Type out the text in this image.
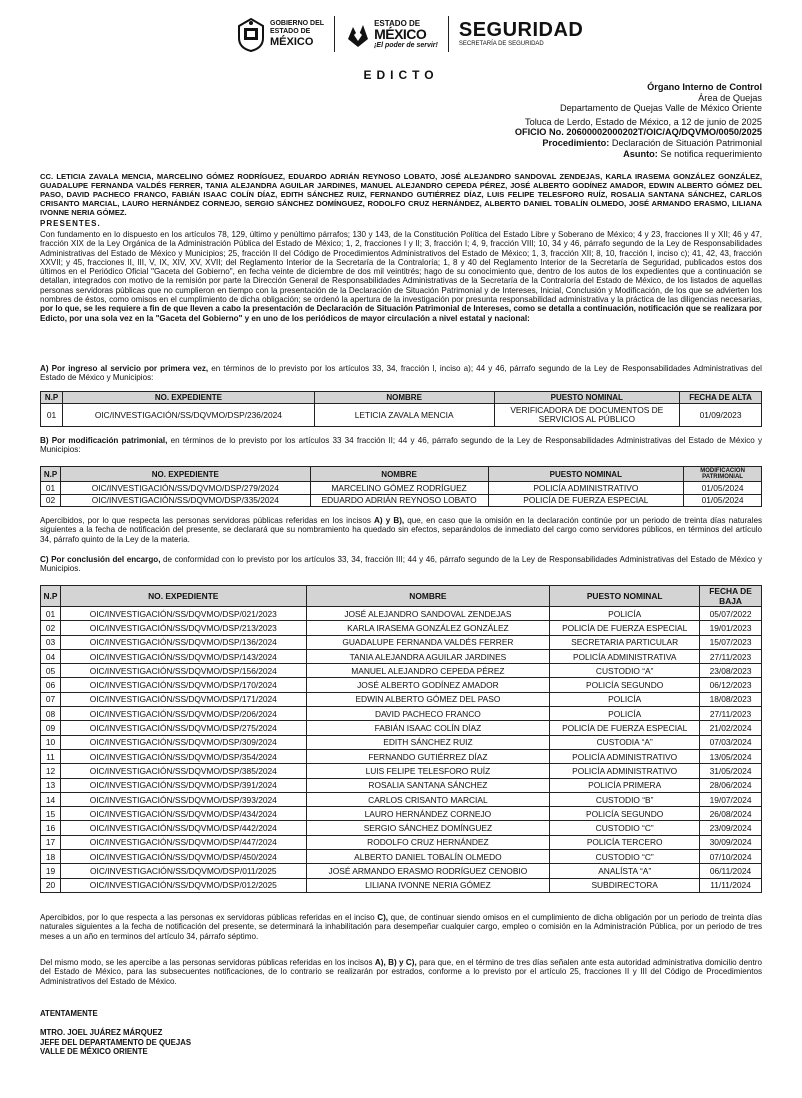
GOBIERNO DEL
ESTADO DE
MÉXICO
ESTADO DE
MÉXICO
¡El poder de servir!
SEGURIDAD
SECRETARÍA DE SEGURIDAD
EDICTO
Órgano Interno de Control
Área de Quejas
Departamento de Quejas Valle de México Oriente
Toluca de Lerdo, Estado de México, a 12 de junio de 2025
OFICIO No. 20600002000202T/OIC/AQ/DQVMO/0050/2025
Procedimiento: Declaración de Situación Patrimonial
Asunto: Se notifica requerimiento
CC. LETICIA ZAVALA MENCIA, MARCELINO GÓMEZ RODRÍGUEZ, EDUARDO ADRIÁN REYNOSO LOBATO, JOSÉ ALEJANDRO SANDOVAL ZENDEJAS, KARLA IRASEMA GONZÁLEZ GONZÁLEZ, GUADALUPE FERNANDA VALDÉS FERRER, TANIA ALEJANDRA AGUILAR JARDINES, MANUEL ALEJANDRO CEPEDA PÉREZ, JOSÉ ALBERTO GODÍNEZ AMADOR, EDWIN ALBERTO GÓMEZ DEL PASO, DAVID PACHECO FRANCO, FABIÁN ISAAC COLÍN DÍAZ, EDITH SÁNCHEZ RUIZ, FERNANDO GUTIÉRREZ DÍAZ, LUIS FELIPE TELESFORO RUÍZ, ROSALIA SANTANA SÁNCHEZ, CARLOS CRISANTO MARCIAL, LAURO HERNÁNDEZ CORNEJO, SERGIO SÁNCHEZ DOMÍNGUEZ, RODOLFO CRUZ HERNÁNDEZ, ALBERTO DANIEL TOBALÍN OLMEDO, JOSÉ ARMANDO ERASMO, LILIANA IVONNE NERIA GÓMEZ.
PRESENTES.
Con fundamento en lo dispuesto en los artículos 78, 129, último y penúltimo párrafos; 130 y 143, de la Constitución Política del Estado Libre y Soberano de México; 4 y 23, fracciones II y XII; 46 y 47, fracción XIX de la Ley Orgánica de la Administración Pública del Estado de México; 1, 2, fracciones I y II; 3, fracción I; 4, 9, fracción VIII; 10, 34 y 46, párrafo segundo de la Ley de Responsabilidades Administrativas del Estado de México y Municipios; 25, fracción II del Código de Procedimientos Administrativos del Estado de México; 1, 3, fracción XII; 8, 10, fracción I, inciso c); 41, 42, 43, fracción XXVII; y 45, fracciones II, III, V, IX, XIV, XV, XVII; del Reglamento Interior de la Secretaría de la Contraloría; 1, 8 y 40 del Reglamento Interior de la Secretaría de Seguridad, publicados estos dos últimos en el Periódico Oficial "Gaceta del Gobierno", en fecha veinte de diciembre de dos mil veintitrés; hago de su conocimiento que, dentro de los autos de los expedientes que a continuación se detallan, integrados con motivo de la remisión por parte la Dirección General de Responsabilidades Administrativas de la Secretaría de la Contraloría del Estado de México, de los listados de aquellas personas servidoras públicas que no cumplieron en tiempo con la presentación de la Declaración de Situación Patrimonial y de Intereses, Inicial, Conclusión y Modificación, de los que se advierten los nombres de éstos, como omisos en el cumplimiento de dicha obligación; se ordenó la apertura de la investigación por presunta responsabilidad administrativa y la práctica de las diligencias necesarias, por lo que, se les requiere a fin de que lleven a cabo la presentación de Declaración de Situación Patrimonial de Intereses, como se detalla a continuación, notificación que se realizara por Edicto, por una sola vez en la "Gaceta del Gobierno" y en uno de los periódicos de mayor circulación a nivel estatal y nacional:
A) Por ingreso al servicio por primera vez, en términos de lo previsto por los artículos 33, 34, fracción I, inciso a); 44 y 46, párrafo segundo de la Ley de Responsabilidades Administrativas del Estado de México y Municipios:
N.P	NO. EXPEDIENTE	NOMBRE	PUESTO NOMINAL	FECHA DE ALTA
01	OIC/INVESTIGACIÓN/SS/DQVMO/DSP/236/2024	LETICIA ZAVALA MENCIA	VERIFICADORA DE DOCUMENTOS DE SERVICIOS AL PÚBLICO	01/09/2023
B) Por modificación patrimonial, en términos de lo previsto por los artículos 33 34 fracción II; 44 y 46, párrafo segundo de la Ley de Responsabilidades Administrativas del Estado de México y Municipios:
N.P	NO. EXPEDIENTE	NOMBRE	PUESTO NOMINAL	MODIFICACIÓN PATRIMONIAL
01	OIC/INVESTIGACIÓN/SS/DQVMO/DSP/279/2024	MARCELINO GÓMEZ RODRÍGUEZ	POLICÍA ADMINISTRATIVO	01/05/2024
02	OIC/INVESTIGACIÓN/SS/DQVMO/DSP/335/2024	EDUARDO ADRIÁN REYNOSO LOBATO	POLICÍA DE FUERZA ESPECIAL	01/05/2024
Apercibidos, por lo que respecta las personas servidoras públicas referidas en los incisos A) y B), que, en caso que la omisión en la declaración continúe por un periodo de treinta días naturales siguientes a la fecha de notificación del presente, se declarará que su nombramiento ha quedado sin efectos, separándolos de inmediato del cargo como servidores públicos, en términos del artículo 34, párrafo quinto de la Ley de la materia.
C) Por conclusión del encargo, de conformidad con lo previsto por los artículos 33, 34, fracción III; 44 y 46, párrafo segundo de la Ley de Responsabilidades Administrativas del Estado de México y Municipios.
N.P	NO. EXPEDIENTE	NOMBRE	PUESTO NOMINAL	FECHA DE BAJA
01	OIC/INVESTIGACIÓN/SS/DQVMO/DSP/021/2023	JOSÉ ALEJANDRO SANDOVAL ZENDEJAS	POLICÍA	05/07/2022
02	OIC/INVESTIGACIÓN/SS/DQVMO/DSP/213/2023	KARLA IRASEMA GONZÁLEZ GONZÁLEZ	POLICÍA DE FUERZA ESPECIAL	19/01/2023
03	OIC/INVESTIGACIÓN/SS/DQVMO/DSP/136/2024	GUADALUPE FERNANDA VALDÉS FERRER	SECRETARIA PARTICULAR	15/07/2023
04	OIC/INVESTIGACIÓN/SS/DQVMO/DSP/143/2024	TANIA ALEJANDRA AGUILAR JARDINES	POLICÍA ADMINISTRATIVA	27/11/2023
05	OIC/INVESTIGACIÓN/SS/DQVMO/DSP/156/2024	MANUEL ALEJANDRO CEPEDA PÉREZ	CUSTODIO “A”	23/08/2023
06	OIC/INVESTIGACIÓN/SS/DQVMO/DSP/170/2024	JOSÉ ALBERTO GODÍNEZ AMADOR	POLICÍA SEGUNDO	06/12/2023
07	OIC/INVESTIGACIÓN/SS/DQVMO/DSP/171/2024	EDWIN ALBERTO GÓMEZ DEL PASO	POLICÍA	18/08/2023
08	OIC/INVESTIGACIÓN/SS/DQVMO/DSP/206/2024	DAVID PACHECO FRANCO	POLICÍA	27/11/2023
09	OIC/INVESTIGACIÓN/SS/DQVMO/DSP/275/2024	FABIÁN ISAAC COLÍN DÍAZ	POLICÍA DE FUERZA ESPECIAL	21/02/2024
10	OIC/INVESTIGACIÓN/SS/DQVMO/DSP/309/2024	EDITH SÁNCHEZ RUIZ	CUSTODIA “A”	07/03/2024
11	OIC/INVESTIGACIÓN/SS/DQVMO/DSP/354/2024	FERNANDO GUTIÉRREZ DÍAZ	POLICÍA ADMINISTRATIVO	13/05/2024
12	OIC/INVESTIGACIÓN/SS/DQVMO/DSP/385/2024	LUIS FELIPE TELESFORO RUÍZ	POLICÍA ADMINISTRATIVO	31/05/2024
13	OIC/INVESTIGACIÓN/SS/DQVMO/DSP/391/2024	ROSALIA SANTANA SÁNCHEZ	POLICÍA PRIMERA	28/06/2024
14	OIC/INVESTIGACIÓN/SS/DQVMO/DSP/393/2024	CARLOS CRISANTO MARCIAL	CUSTODIO “B”	19/07/2024
15	OIC/INVESTIGACIÓN/SS/DQVMO/DSP/434/2024	LAURO HERNÁNDEZ CORNEJO	POLICÍA SEGUNDO	26/08/2024
16	OIC/INVESTIGACIÓN/SS/DQVMO/DSP/442/2024	SERGIO SÁNCHEZ DOMÍNGUEZ	CUSTODIO “C”	23/09/2024
17	OIC/INVESTIGACIÓN/SS/DQVMO/DSP/447/2024	RODOLFO CRUZ HERNÁNDEZ	POLICÍA TERCERO	30/09/2024
18	OIC/INVESTIGACIÓN/SS/DQVMO/DSP/450/2024	ALBERTO DANIEL TOBALÍN OLMEDO	CUSTODIO “C”	07/10/2024
19	OIC/INVESTIGACIÓN/SS/DQVMO/DSP/011/2025	JOSÉ ARMANDO ERASMO RODRÍGUEZ CENOBIO	ANALÍSTA “A”	06/11/2024
20	OIC/INVESTIGACIÓN/SS/DQVMO/DSP/012/2025	LILIANA IVONNE NERIA GÓMEZ	SUBDIRECTORA	11/11/2024
Apercibidos, por lo que respecta a las personas ex servidoras públicas referidas en el inciso C), que, de continuar siendo omisos en el cumplimiento de dicha obligación por un periodo de treinta días naturales siguientes a la fecha de notificación del presente, se determinará la inhabilitación para desempeñar cualquier cargo, empleo o comisión en la Administración Pública, por un periodo de tres meses a un año en terminos del artículo 34, párrafo séptimo.
Del mismo modo, se les apercibe a las personas servidoras públicas referidas en los incisos A), B) y C), para que, en el término de tres días señalen ante esta autoridad administrativa domicilio dentro del Estado de México, para las subsecuentes notificaciones, de lo contrario se realizarán por estrados, conforme a lo previsto por el artículo 25, fracciones II y III del Código de Procedimientos Administrativos del Estado de México.
ATENTAMENTE
MTRO. JOEL JUÁREZ MÁRQUEZ
JEFE DEL DEPARTAMENTO DE QUEJAS
VALLE DE MÉXICO ORIENTE
